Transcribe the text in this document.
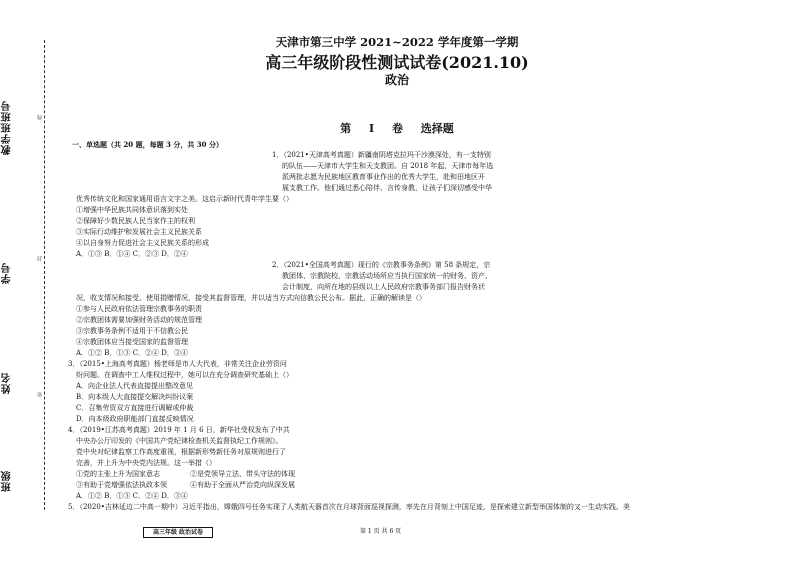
教学班班号
学号
姓名
班级
线
封
密
天津市第三中学 2021~2022 学年度第一学期
高三年级阶段性测试试卷(2021.10)
政治
第 I 卷 选择题
一、单选题（共 20 题，每题 3 分，共 30 分）
1．（2021•天津高考真题）新疆南阴塔克拉玛干沙漠深处，有一支特别
的队伍——天津市大学生和天支教团。自 2018 年起，天津市每年选
派两批志愿为民族地区教育事业作出的优秀大学生，赴和田地区开
展支教工作。他们通过悉心陪伴、言传身教，让孩子们深切感受中华
优秀传统文化和国家通用语言文字之美。这启示新时代青年学生要（）
①增强中华民族共同体意识落到实处
②保障好少数民族人民当家作主的权利
③实际行动维护和发展社会主义民族关系
④以自身努力促进社会主义民族关系的形成
A．①③ B．①④ C．②③ D．②④
2．（2021•全国高考真题）现行的《宗教事务条例》第 58 条规定，宗
教团体、宗教院校、宗教活动场所应当执行国家统一的财务、资产、
会计制度，向所在地的县级以上人民政府宗教事务部门报告财务状
况，收支情况和接受、使用捐赠情况，接受其监督管理，并以适当方式向信教公民公布。据此，正确的解读是（）
①参与人民政府依法管理宗教事务的职责
②宗教团体需要加强财务活动的规范管理
③宗教事务条例不适用于不信教公民
④宗教团体应当接受国家的监督管理
A．①② B．①③ C．②④ D．③④
3．（2015•上海高考真题）杨老师是市人大代表，非常关注企业劳资问
纷问题。在调查中工人维权过程中，她可以在充分调查研究基础上（）
A．向企业法人代表直接提出整改意见
B．向本级人大直接提交解决纠纷议案
C．召集劳资双方直接进行调解或仲裁
D．向本级政府职能部门直接反映情况
4．（2019•江苏高考真题）2019 年 1 月 6 日，新华社受权发布了中共
中央办公厅印发的《中国共产党纪律检查机关监督执纪工作规则》。
党中央对纪律监察工作高度重视，根据新形势新任务对原规则进行了
完善，并上升为中央党内法规。这一举措（）
①党的主张上升为国家意志	②是党领导立法、带头守法的体现
③有助于党增强依法执政本领	④有助于全面从严治党向纵深发展
A．①② B．①③ C．②④ D．③④
5．（2020•吉林延边二中高一期中）习近平指出，嫦娥四号任务实现了人类航天器首次在月球背面巡视探测，率先在月背刻上中国足迹，是探索建立新型举国体制的又一生动实践。美
高三年级 政治试卷	第 1 页 共 6 页
